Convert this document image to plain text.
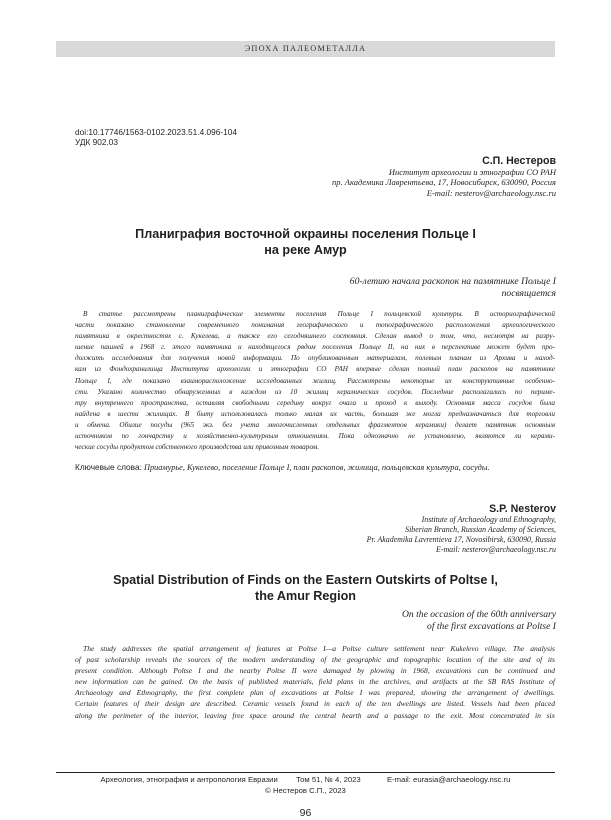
ЭПОХА ПАЛЕОМЕТАЛЛА
doi:10.17746/1563-0102.2023.51.4.096-104
УДК 902.03
С.П. Нестеров
Институт археологии и этнографии СО РАН
пр. Академика Лаврентьева, 17, Новосибирск, 630090, Россия
E-mail: nesterov@archaeology.nsc.ru
Планиграфия восточной окраины поселения Польце I
на реке Амур
60-летию начала раскопок на памятнике Польце I
посвящается
В статье рассмотрены планиграфические элементы поселения Польце I польцевской культуры. В историографической
части показано становление современного понимания географического и топографического расположения археологического
памятника в окрестностях с. Кукелева, а также его сегодняшнего состояния. Сделан вывод о том, что, несмотря на разру-
шение пашней в 1968 г. этого памятника и находящегося рядом поселения Польце II, на них в перспективе может будет про-
должить исследования для получения новой информации. По опубликованным материалам, полевым планам из Архива и наход-
кам из Фондохранилища Института археологии и этнографии СО РАН впервые сделан полный план раскопов на памятнике
Польце I, где показано взаиморасположение исследованных жилищ. Рассмотрены некоторые их конструктивные особенно-
сти. Указано количество обнаруженных в каждом из 10 жилищ керамических сосудов. Последние располагались по периме-
тру внутреннего пространства, оставляя свободными середину вокруг очага и проход к выходу. Основная масса сосудов была
найдена в шести жилищах. В быту использовалась только малая их часть, большая же могла предназначаться для торговли
и обмена. Обилие посуды (965 экз. без учета многочисленных отдельных фрагментов керамики) делает памятник основным
источником по гончарству и хозяйственно-культурным отношениям. Пока однозначно не установлено, являются ли керами-
ческие сосуды продуктом собственного производства или привозным товаром.
Ключевые слова: Приамурье, Кукелево, поселение Польце I, план раскопов, жилища, польцевская культура, сосуды.
S.P. Nesterov
Institute of Archaeology and Ethnography,
Siberian Branch, Russian Academy of Sciences,
Pr. Akademika Lavrentieva 17, Novosibirsk, 630090, Russia
E-mail: nesterov@archaeology.nsc.ru
Spatial Distribution of Finds on the Eastern Outskirts of Poltse I,
the Amur Region
On the occasion of the 60th anniversary
of the first excavations at Poltse I
The study addresses the spatial arrangement of features at Poltse I—a Poltse culture settlement near Kukelevo village. The analysis
of past scholarship reveals the sources of the modern understanding of the geographic and topographic location of the site and of its
present condition. Although Poltse I and the nearby Poltse II were damaged by plowing in 1968, excavations can be continued and
new information can be gained. On the basis of published materials, field plans in the archives, and artifacts at the SB RAS Institute of
Archaeology and Ethnography, the first complete plan of excavations at Poltse I was prepared, showing the arrangement of dwellings.
Certain features of their design are described. Ceramic vessels found in each of the ten dwellings are listed. Vessels had been placed
along the perimeter of the interior, leaving free space around the central hearth and a passage to the exit. Most concentrated in six
Археология, этнография и антропология Евразии Том 51, № 4, 2023	E-mail: eurasia@archaeology.nsc.ru
© Нестеров С.П., 2023
96
